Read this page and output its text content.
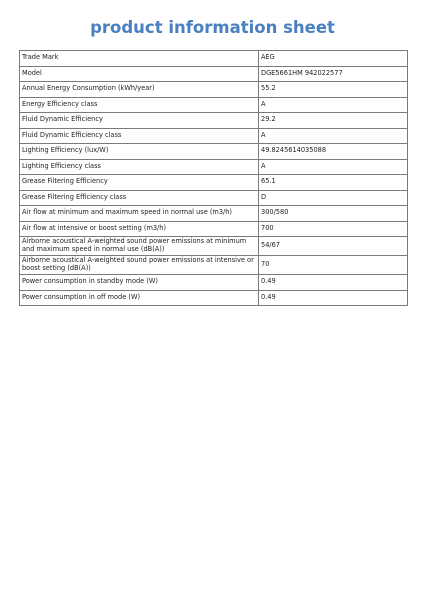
product information sheet
Trade Mark	AEG
Model	DGE5661HM 942022577
Annual Energy Consumption (kWh/year)	55.2
Energy Efficiency class	A
Fluid Dynamic Efficiency	29.2
Fluid Dynamic Efficiency class	A
Lighting Efficiency (lux/W)	49.8245614035088
Lighting Efficiency class	A
Grease Filtering Efficiency	65.1
Grease Filtering Efficiency class	D
Air flow at minimum and maximum speed in normal use (m3/h)	300/580
Air flow at intensive or boost setting (m3/h)	700
Airborne acoustical A-weighted sound power emissions at minimum and maximum speed in normal use (dB(A))	54/67
Airborne acoustical A-weighted sound power emissions at intensive or boost setting (dB(A))	70
Power consumption in standby mode (W)	0.49
Power consumption in off mode (W)	0.49
